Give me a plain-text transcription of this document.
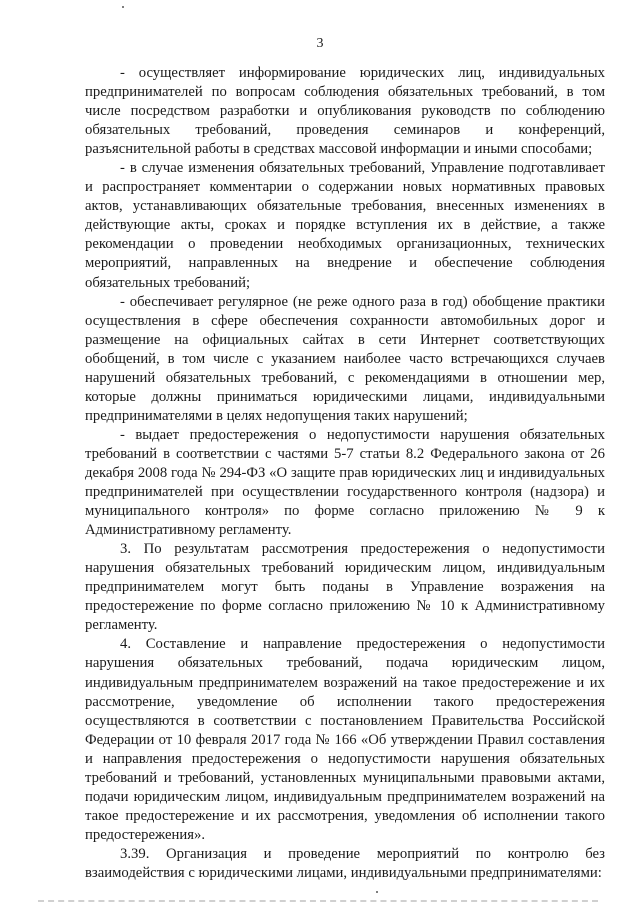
3

- осуществляет информирование юридических лиц, индивидуальных предпринимателей по вопросам соблюдения обязательных требований, в том числе посредством разработки и опубликования руководств по соблюдению обязательных требований, проведения семинаров и конференций, разъяснительной работы в средствах массовой информации и иными способами;

- в случае изменения обязательных требований, Управление подготавливает и распространяет комментарии о содержании новых нормативных правовых актов, устанавливающих обязательные требования, внесенных изменениях в действующие акты, сроках и порядке вступления их в действие, а также рекомендации о проведении необходимых организационных, технических мероприятий, направленных на внедрение и обеспечение соблюдения обязательных требований;

- обеспечивает регулярное (не реже одного раза в год) обобщение практики осуществления в сфере обеспечения сохранности автомобильных дорог и размещение на официальных сайтах в сети Интернет соответствующих обобщений, в том числе с указанием наиболее часто встречающихся случаев нарушений обязательных требований, с рекомендациями в отношении мер, которые должны приниматься юридическими лицами, индивидуальными предпринимателями в целях недопущения таких нарушений;

- выдает предостережения о недопустимости нарушения обязательных требований в соответствии с частями 5-7 статьи 8.2 Федерального закона от 26 декабря 2008 года № 294-ФЗ «О защите прав юридических лиц и индивидуальных предпринимателей при осуществлении государственного контроля (надзора) и муниципального контроля» по форме согласно приложению № 9 к Административному регламенту.

3. По результатам рассмотрения предостережения о недопустимости нарушения обязательных требований юридическим лицом, индивидуальным предпринимателем могут быть поданы в Управление возражения на предостережение по форме согласно приложению № 10 к Административному регламенту.

4. Составление и направление предостережения о недопустимости нарушения обязательных требований, подача юридическим лицом, индивидуальным предпринимателем возражений на такое предостережение и их рассмотрение, уведомление об исполнении такого предостережения осуществляются в соответствии с постановлением Правительства Российской Федерации от 10 февраля 2017 года № 166 «Об утверждении Правил составления и направления предостережения о недопустимости нарушения обязательных требований и требований, установленных муниципальными правовыми актами, подачи юридическим лицом, индивидуальным предпринимателем возражений на такое предостережение и их рассмотрения, уведомления об исполнении такого предостережения».

3.39. Организация и проведение мероприятий по контролю без взаимодействия с юридическими лицами, индивидуальными предпринимателями:
